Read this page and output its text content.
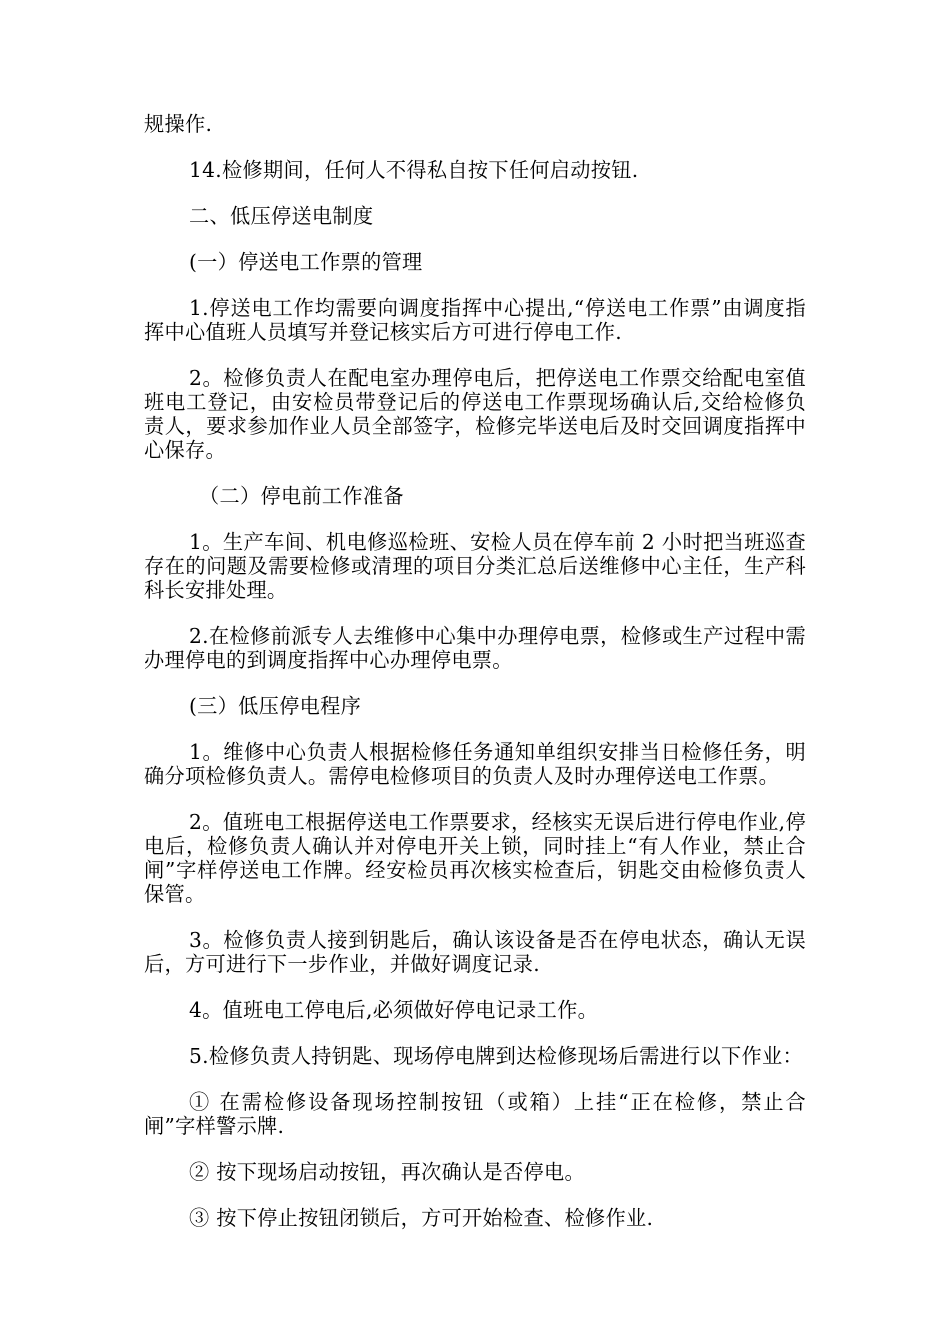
规操作.

14.检修期间，任何人不得私自按下任何启动按钮.

二、低压停送电制度

(一）停送电工作票的管理

1.停送电工作均需要向调度指挥中心提出,“停送电工作票”由调度指挥中心值班人员填写并登记核实后方可进行停电工作.

2。检修负责人在配电室办理停电后，把停送电工作票交给配电室值班电工登记，由安检员带登记后的停送电工作票现场确认后,交给检修负责人，要求参加作业人员全部签字，检修完毕送电后及时交回调度指挥中心保存。

（二）停电前工作准备

1。生产车间、机电修巡检班、安检人员在停车前 2 小时把当班巡查存在的问题及需要检修或清理的项目分类汇总后送维修中心主任，生产科科长安排处理。

2.在检修前派专人去维修中心集中办理停电票，检修或生产过程中需办理停电的到调度指挥中心办理停电票。

(三）低压停电程序

1。维修中心负责人根据检修任务通知单组织安排当日检修任务，明确分项检修负责人。需停电检修项目的负责人及时办理停送电工作票。

2。值班电工根据停送电工作票要求，经核实无误后进行停电作业,停电后，检修负责人确认并对停电开关上锁，同时挂上“有人作业，禁止合闸”字样停送电工作牌。经安检员再次核实检查后，钥匙交由检修负责人保管。

3。检修负责人接到钥匙后，确认该设备是否在停电状态，确认无误后，方可进行下一步作业，并做好调度记录.

4。值班电工停电后,必须做好停电记录工作。

5.检修负责人持钥匙、现场停电牌到达检修现场后需进行以下作业：

① 在需检修设备现场控制按钮（或箱）上挂“正在检修，禁止合闸”字样警示牌.

② 按下现场启动按钮，再次确认是否停电。

③ 按下停止按钮闭锁后，方可开始检查、检修作业.
